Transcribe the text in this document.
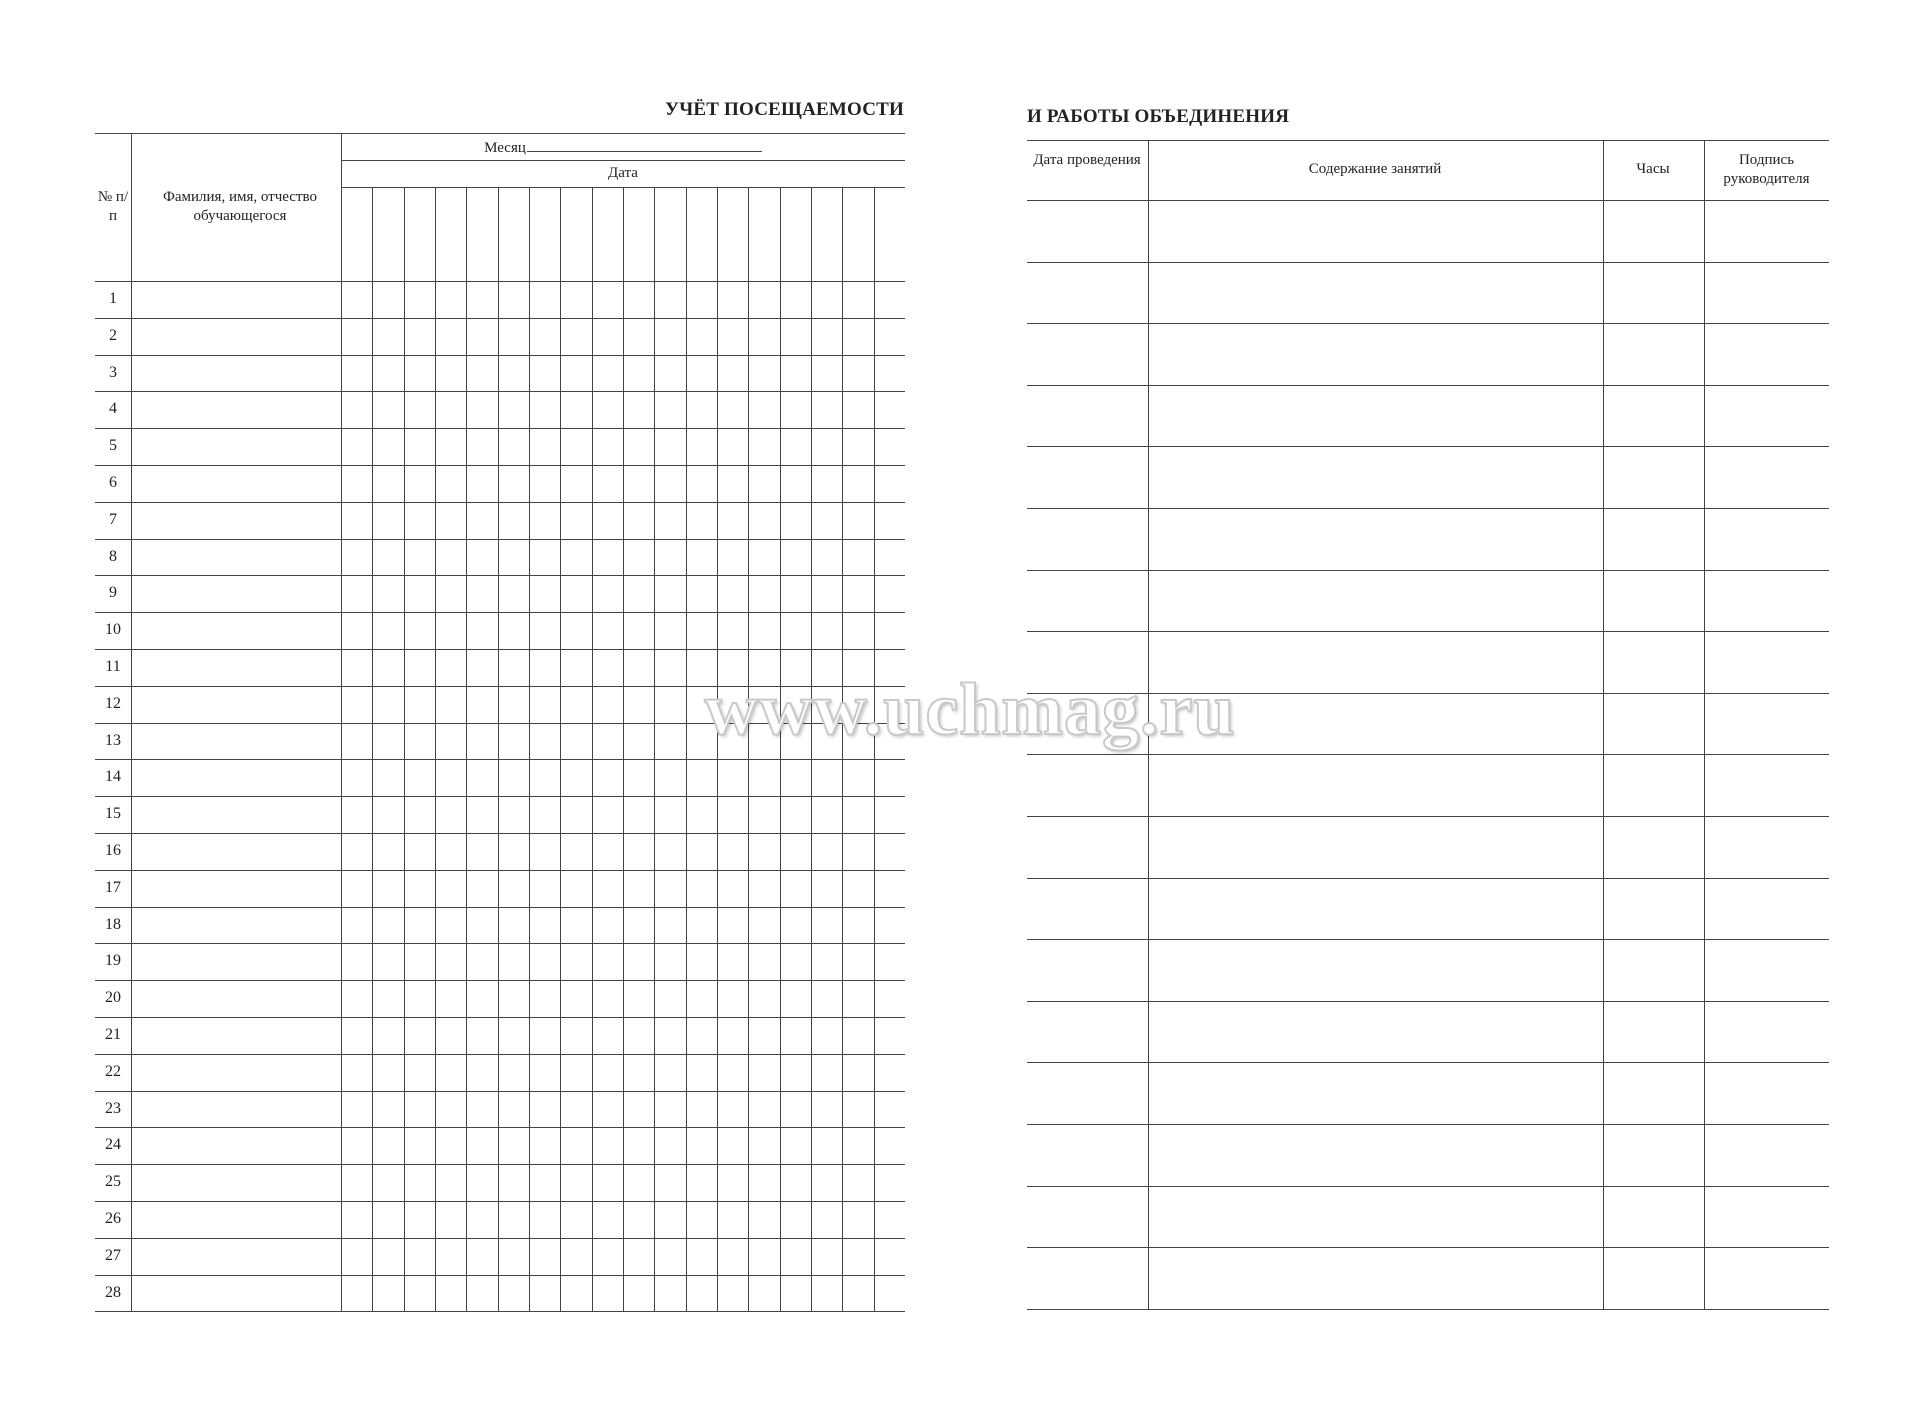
УЧЁТ ПОСЕЩАЕМОСТИ	И РАБОТЫ ОБЪЕДИНЕНИЯ
№ п/п
Фамилия, имя, отчество обучающегося
Месяц
Дата
1
2
3
4
5
6
7
8
9
10
11
12
13
14
15
16
17
18
19
20
21
22
23
24
25
26
27
28
Дата проведения
Содержание занятий	Часы
Подпись руководителя
www.uchmag.ru
